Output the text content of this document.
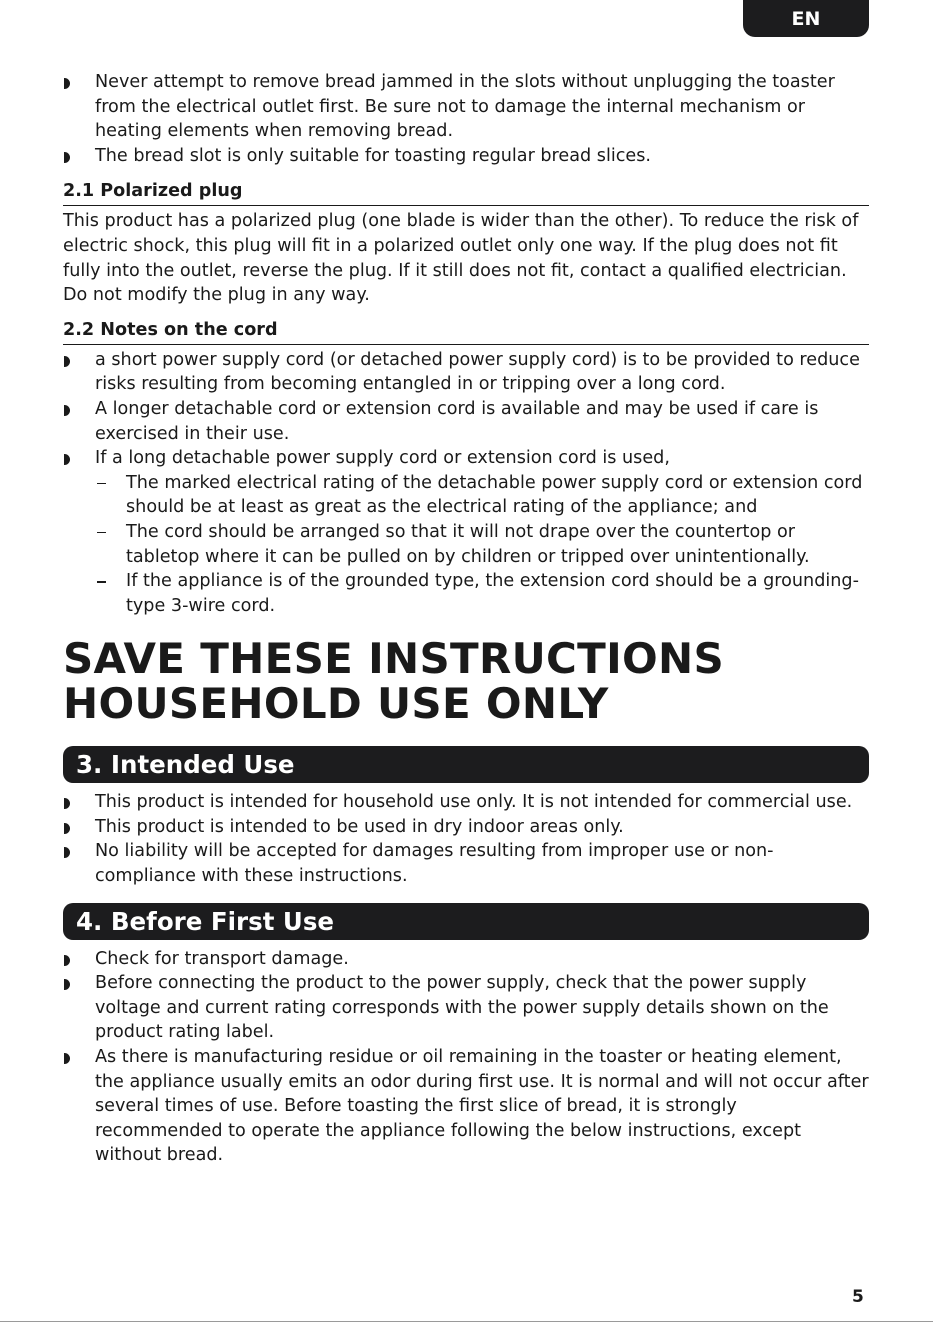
EN
Never attempt to remove bread jammed in the slots without unplugging the toaster from the electrical outlet first. Be sure not to damage the internal mechanism or heating elements when removing bread.
The bread slot is only suitable for toasting regular bread slices.
2.1 Polarized plug

This product has a polarized plug (one blade is wider than the other). To reduce the risk of electric shock, this plug will fit in a polarized outlet only one way. If the plug does not fit fully into the outlet, reverse the plug. If it still does not fit, contact a qualified electrician. Do not modify the plug in any way.

2.2 Notes on the cord
a short power supply cord (or detached power supply cord) is to be provided to reduce risks resulting from becoming entangled in or tripping over a long cord.
A longer detachable cord or extension cord is available and may be used if care is exercised in their use.
If a long detachable power supply cord or extension cord is used,
The marked electrical rating of the detachable power supply cord or extension cord should be at least as great as the electrical rating of the appliance; and
The cord should be arranged so that it will not drape over the countertop or tabletop where it can be pulled on by children or tripped over unintentionally.
If the appliance is of the grounded type, the extension cord should be a grounding-type 3-wire cord.

SAVE THESE INSTRUCTIONS

HOUSEHOLD USE ONLY

3. Intended Use
This product is intended for household use only. It is not intended for commercial use.
This product is intended to be used in dry indoor areas only.
No liability will be accepted for damages resulting from improper use or non-compliance with these instructions.
4. Before First Use
Check for transport damage.
Before connecting the product to the power supply, check that the power supply voltage and current rating corresponds with the power supply details shown on the product rating label.
As there is manufacturing residue or oil remaining in the toaster or heating element, the appliance usually emits an odor during first use. It is normal and will not occur after several times of use. Before toasting the first slice of bread, it is strongly recommended to operate the appliance following the below instructions, except without bread.
5
